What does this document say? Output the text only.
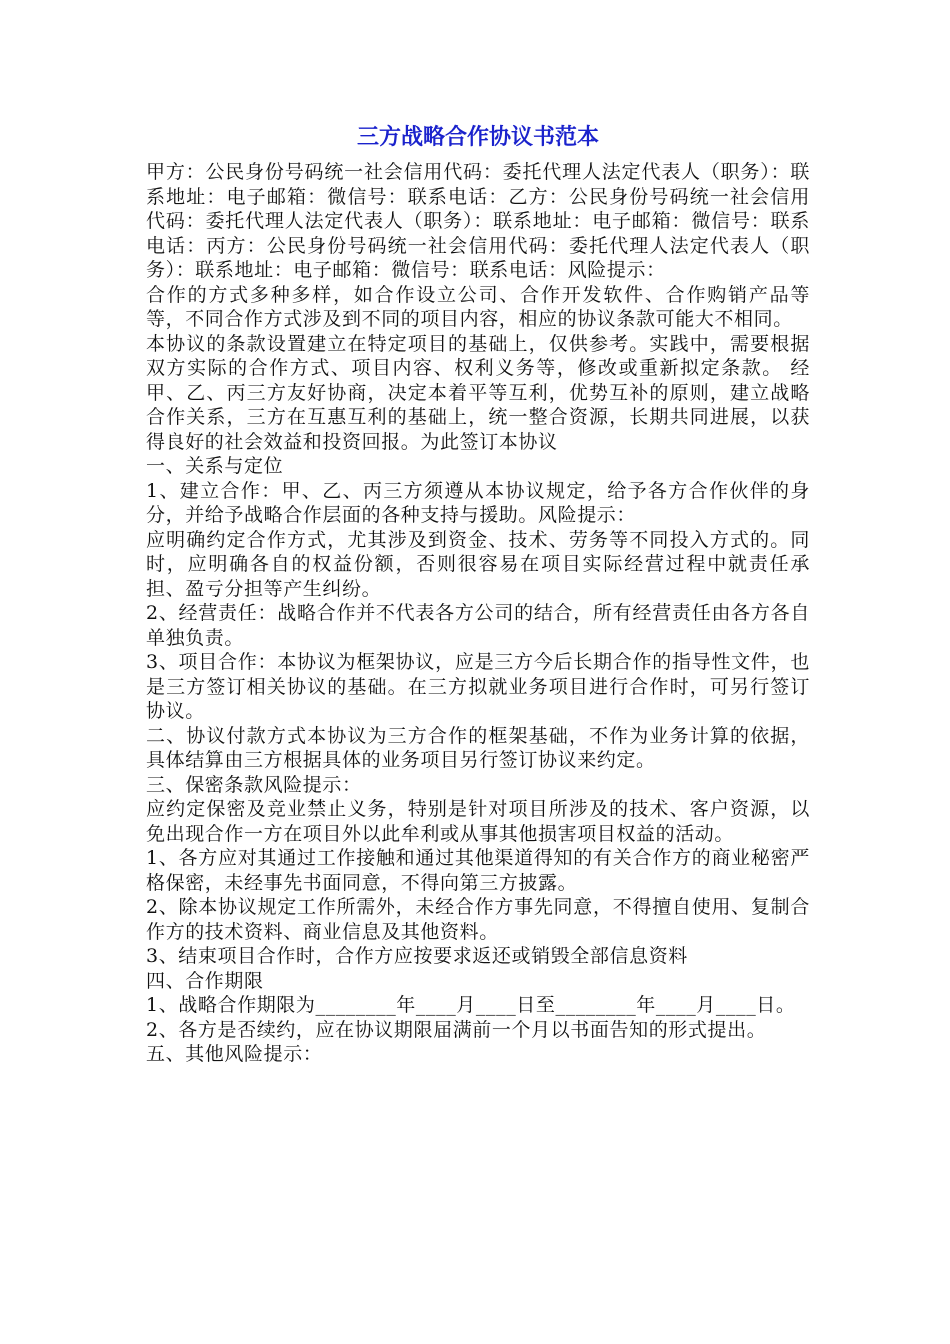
三方战略合作协议书范本

甲方：公民身份号码统一社会信用代码：委托代理人法定代表人（职务）：联系地址：电子邮箱：微信号：联系电话：乙方：公民身份号码统一社会信用代码：委托代理人法定代表人（职务）：联系地址：电子邮箱：微信号：联系电话：丙方：公民身份号码统一社会信用代码：委托代理人法定代表人（职务）：联系地址：电子邮箱：微信号：联系电话：风险提示：

合作的方式多种多样，如合作设立公司、合作开发软件、合作购销产品等等，不同合作方式涉及到不同的项目内容，相应的协议条款可能大不相同。

本协议的条款设置建立在特定项目的基础上，仅供参考。实践中，需要根据双方实际的合作方式、项目内容、权利义务等，修改或重新拟定条款。 经甲、乙、丙三方友好协商，决定本着平等互利，优势互补的原则，建立战略合作关系，三方在互惠互利的基础上，统一整合资源，长期共同进展，以获得良好的社会效益和投资回报。为此签订本协议

一、关系与定位

1、建立合作：甲、乙、丙三方须遵从本协议规定，给予各方合作伙伴的身分，并给予战略合作层面的各种支持与援助。风险提示：

应明确约定合作方式，尤其涉及到资金、技术、劳务等不同投入方式的。同时，应明确各自的权益份额，否则很容易在项目实际经营过程中就责任承担、盈亏分担等产生纠纷。

2、经营责任：战略合作并不代表各方公司的结合，所有经营责任由各方各自单独负责。

3、项目合作：本协议为框架协议，应是三方今后长期合作的指导性文件，也是三方签订相关协议的基础。在三方拟就业务项目进行合作时，可另行签订协议。

二、协议付款方式本协议为三方合作的框架基础，不作为业务计算的依据，具体结算由三方根据具体的业务项目另行签订协议来约定。

三、保密条款风险提示：

应约定保密及竞业禁止义务，特别是针对项目所涉及的技术、客户资源，以免出现合作一方在项目外以此牟利或从事其他损害项目权益的活动。

1、各方应对其通过工作接触和通过其他渠道得知的有关合作方的商业秘密严格保密，未经事先书面同意，不得向第三方披露。

2、除本协议规定工作所需外，未经合作方事先同意，不得擅自使用、复制合作方的技术资料、商业信息及其他资料。

3、结束项目合作时，合作方应按要求返还或销毁全部信息资料

四、合作期限

1、战略合作期限为________年____月____日至________年____月____日。

2、各方是否续约，应在协议期限届满前一个月以书面告知的形式提出。

五、其他风险提示：
